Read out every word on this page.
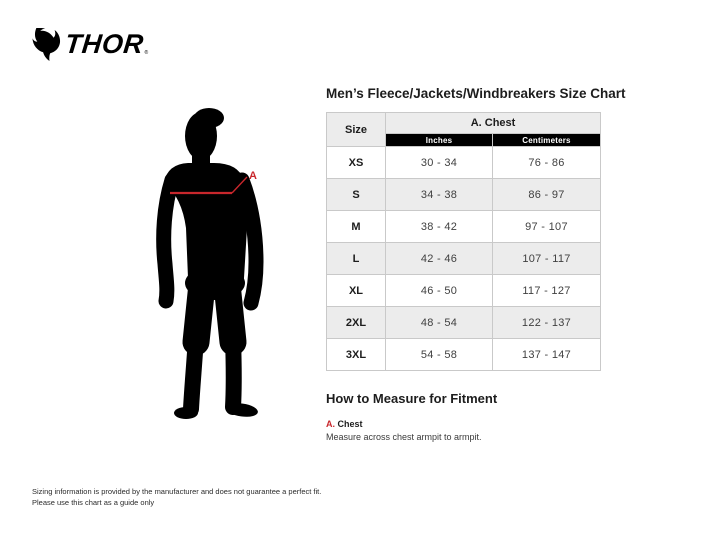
THOR ®
A
Men’s Fleece/Jackets/Windbreakers Size Chart
Size	A. Chest	
	Inches	Centimeters
XS	30 - 34	76 - 86
S	34 - 38	86 - 97
M	38 - 42	97 - 107
L	42 - 46	107 - 117
XL	46 - 50	117 - 127
2XL	48 - 54	122 - 137
3XL	54 - 58	137 - 147
How to Measure for Fitment
A. Chest
Measure across chest armpit to armpit.
Sizing information is provided by the manufacturer and does not guarantee a perfect fit.
Please use this chart as a guide only
